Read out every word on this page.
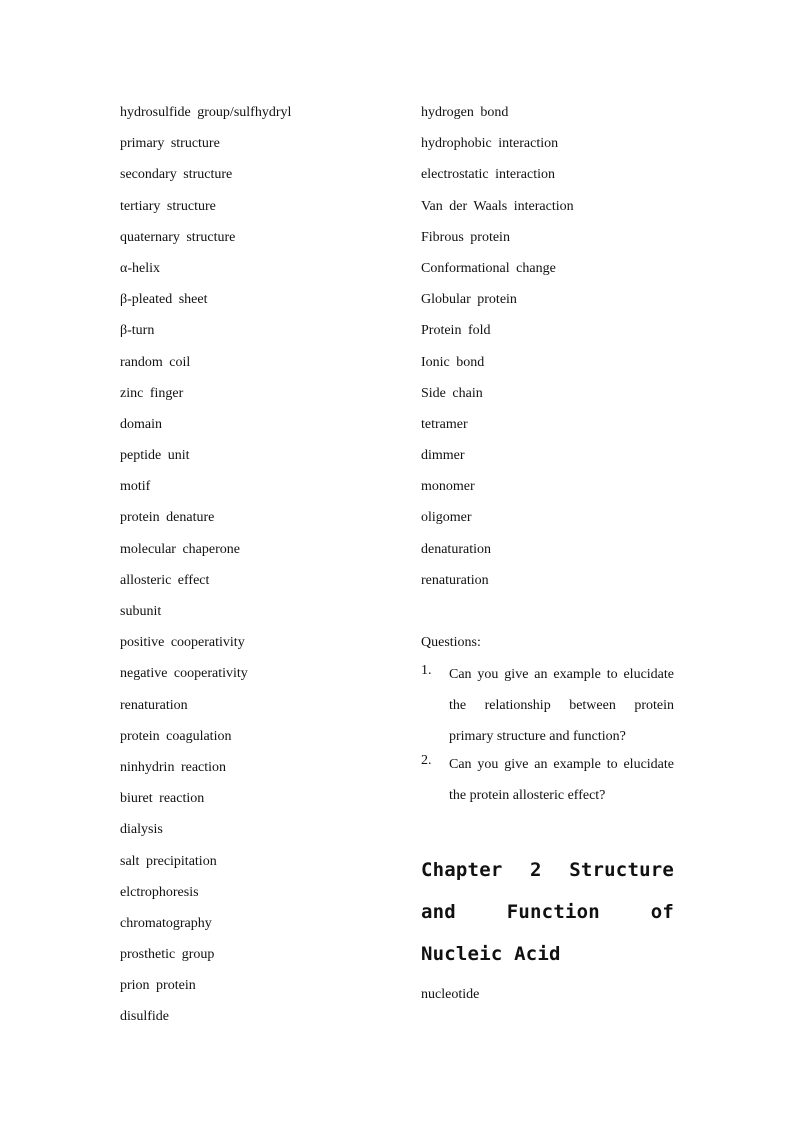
hydrosulfide group/sulfhydryl
primary structure
secondary structure
tertiary structure
quaternary structure
α-helix
β-pleated sheet
β-turn
random coil
zinc finger
domain
peptide unit
motif
protein denature
molecular chaperone
allosteric effect
subunit
positive cooperativity
negative cooperativity
renaturation
protein coagulation
ninhydrin reaction
biuret reaction
dialysis
salt precipitation
elctrophoresis
chromatography
prosthetic group
prion protein
disulfide
hydrogen bond
hydrophobic interaction
electrostatic interaction
Van der Waals interaction
Fibrous protein
Conformational change
Globular protein
Protein fold
Ionic bond
Side chain
tetramer
dimmer
monomer
oligomer
denaturation
renaturation
Questions:
1. Can you give an example to elucidate the relationship between protein primary structure and function?
2. Can you give an example to elucidate the protein allosteric effect?
Chapter 2 Structure and Function of Nucleic Acid
nucleotide
